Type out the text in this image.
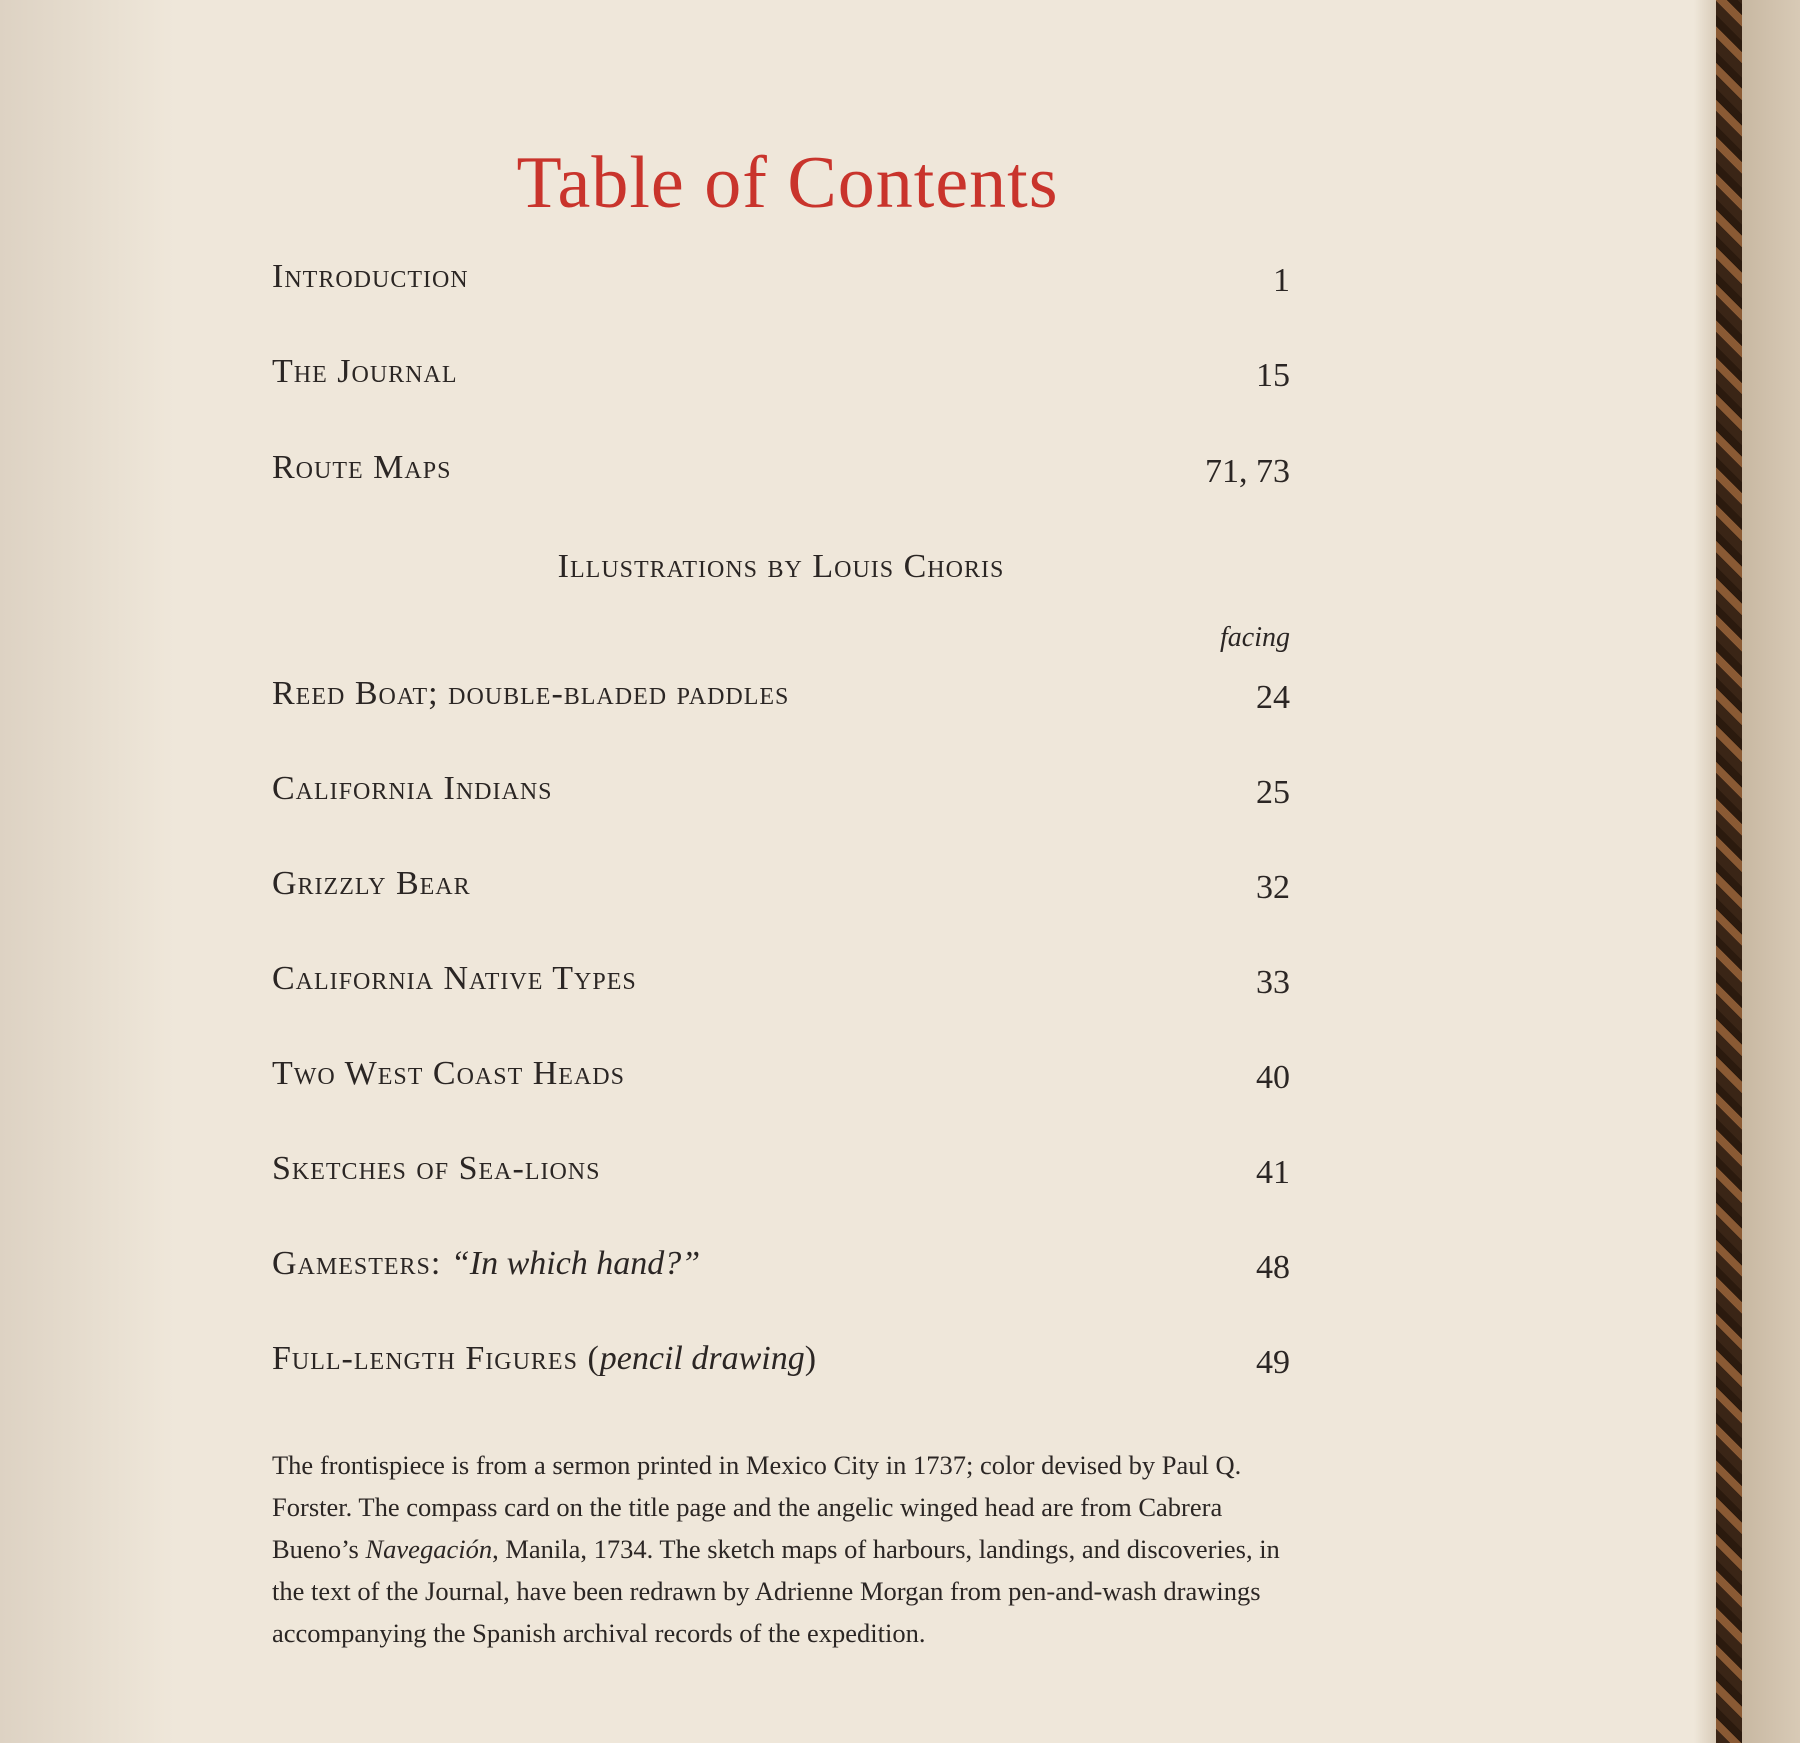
Table of Contents
Introduction	1
The Journal	15
Route Maps	71, 73
Illustrations by Louis Choris
facing
Reed Boat; double-bladed paddles	24
California Indians	25
Grizzly Bear	32
California Native Types	33
Two West Coast Heads	40
Sketches of Sea-lions	41
Gamesters: “In which hand?”	48
Full-length Figures (pencil drawing)	49

The frontispiece is from a sermon printed in Mexico City in 1737; color devised by Paul Q. Forster. The compass card on the title page and the angelic winged head are from Cabrera Bueno’s Navegación, Manila, 1734. The sketch maps of harbours, landings, and discoveries, in the text of the Journal, have been redrawn by Adrienne Morgan from pen-and-wash drawings accompanying the Spanish archival records of the expedition.
